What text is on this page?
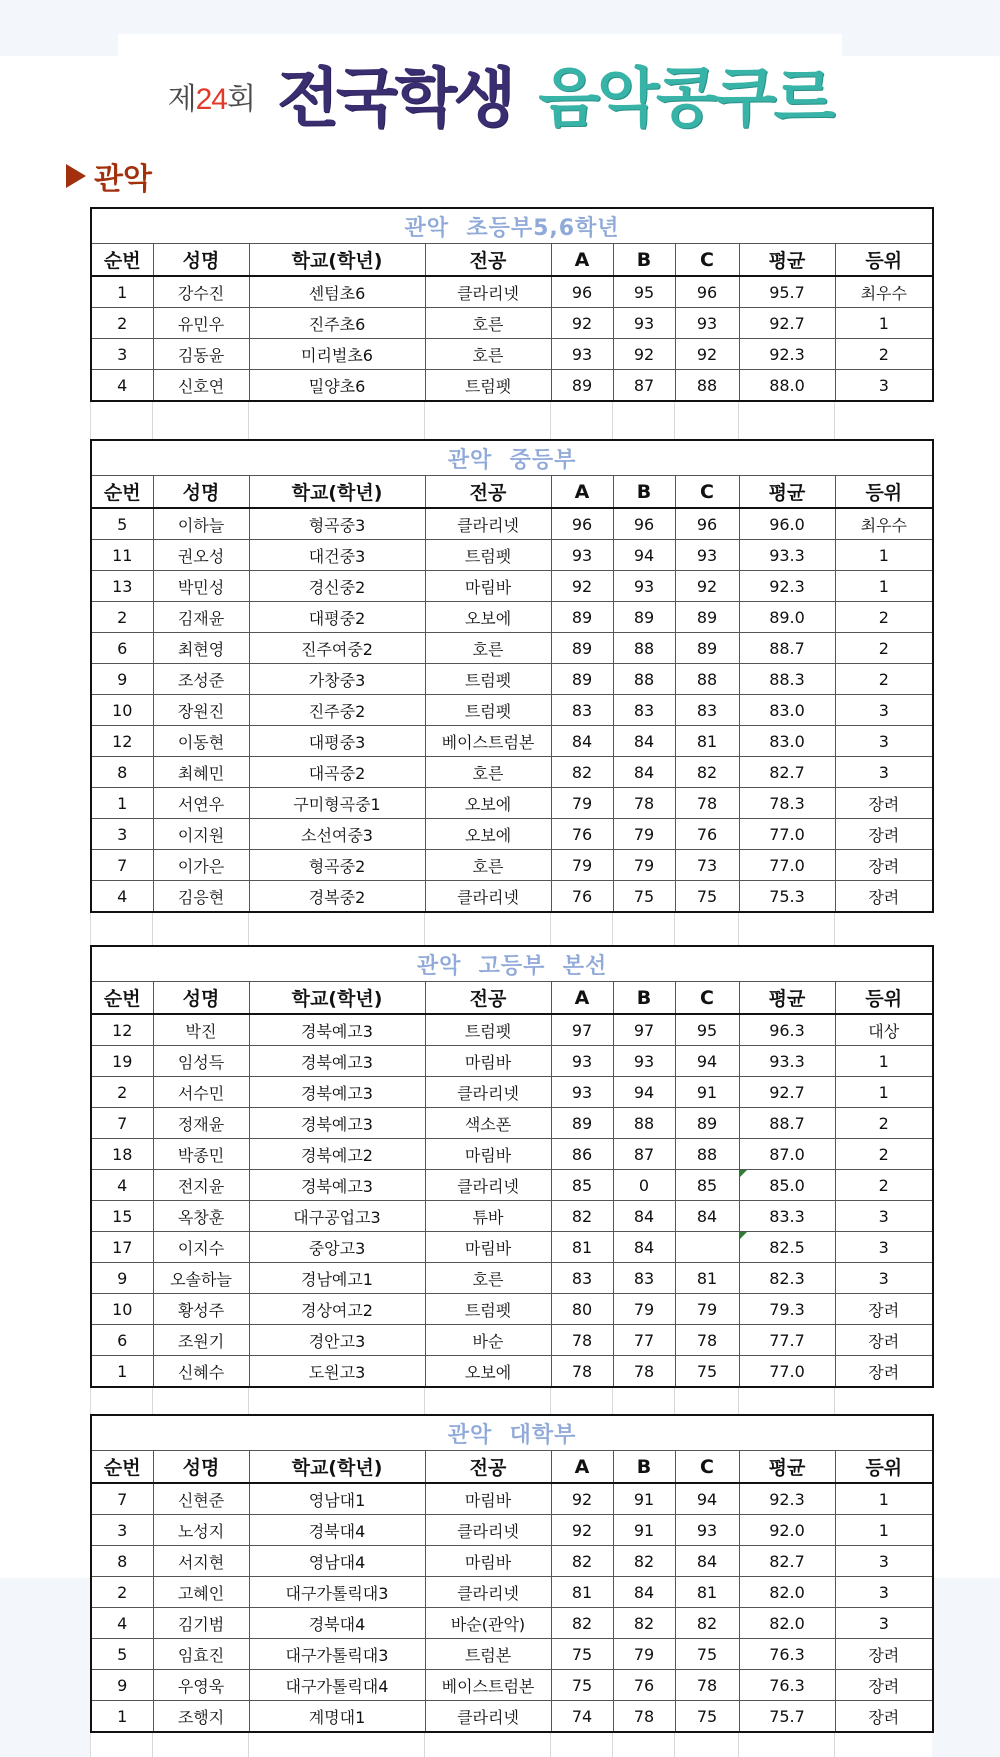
제24회 전국학생 음악콩쿠르
관악
관악  초등부5,6학년								
순번	성명	학교(학년)	전공	A	B	C	평균	등위
1	강수진	센텀초6	클라리넷	96	95	96	95.7	최우수
2	유민우	진주초6	호른	92	93	93	92.7	1
3	김동윤	미리벌초6	호른	93	92	92	92.3	2
4	신호연	밀양초6	트럼펫	89	87	88	88.0	3
관악  중등부								
순번	성명	학교(학년)	전공	A	B	C	평균	등위
5	이하늘	형곡중3	클라리넷	96	96	96	96.0	최우수
11	권오성	대건중3	트럼펫	93	94	93	93.3	1
13	박민성	경신중2	마림바	92	93	92	92.3	1
2	김재윤	대평중2	오보에	89	89	89	89.0	2
6	최현영	진주여중2	호른	89	88	89	88.7	2
9	조성준	가창중3	트럼펫	89	88	88	88.3	2
10	장원진	진주중2	트럼펫	83	83	83	83.0	3
12	이동현	대평중3	베이스트럼본	84	84	81	83.0	3
8	최혜민	대곡중2	호른	82	84	82	82.7	3
1	서연우	구미형곡중1	오보에	79	78	78	78.3	장려
3	이지원	소선여중3	오보에	76	79	76	77.0	장려
7	이가은	형곡중2	호른	79	79	73	77.0	장려
4	김응현	경복중2	클라리넷	76	75	75	75.3	장려
관악  고등부  본선								
순번	성명	학교(학년)	전공	A	B	C	평균	등위
12	박진	경북예고3	트럼펫	97	97	95	96.3	대상
19	임성득	경북예고3	마림바	93	93	94	93.3	1
2	서수민	경북예고3	클라리넷	93	94	91	92.7	1
7	정재윤	경북예고3	색소폰	89	88	89	88.7	2
18	박종민	경북예고2	마림바	86	87	88	87.0	2
4	전지윤	경북예고3	클라리넷	85	0	85	85.0	2
15	옥창훈	대구공업고3	튜바	82	84	84	83.3	3
17	이지수	중앙고3	마림바	81	84		82.5	3
9	오솔하늘	경남예고1	호른	83	83	81	82.3	3
10	황성주	경상여고2	트럼펫	80	79	79	79.3	장려
6	조원기	경안고3	바순	78	77	78	77.7	장려
1	신혜수	도원고3	오보에	78	78	75	77.0	장려
관악  대학부								
순번	성명	학교(학년)	전공	A	B	C	평균	등위
7	신현준	영남대1	마림바	92	91	94	92.3	1
3	노성지	경북대4	클라리넷	92	91	93	92.0	1
8	서지현	영남대4	마림바	82	82	84	82.7	3
2	고혜인	대구가톨릭대3	클라리넷	81	84	81	82.0	3
4	김기범	경북대4	바순(관악)	82	82	82	82.0	3
5	임효진	대구가톨릭대3	트럼본	75	79	75	76.3	장려
9	우영욱	대구가톨릭대4	베이스트럼본	75	76	78	76.3	장려
1	조행지	계명대1	클라리넷	74	78	75	75.7	장려
